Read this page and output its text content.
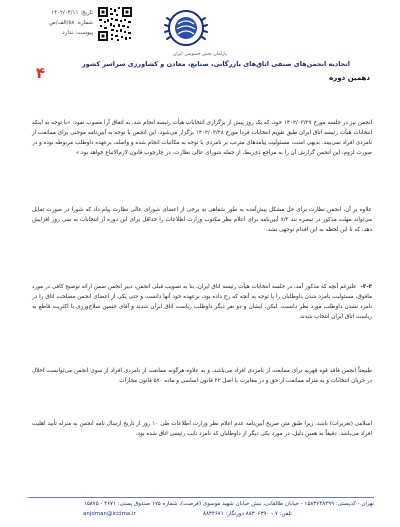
تاریخ: ۱۴۰۲/۰۴/۱۱
شماره: ۸۸/الف/ص
پیوست: ندارد
پارلمان بخش خصوصی ایران
اتحادیه انجمن‌های صنفی اتاق‌های بازرگانی، صنایع، معادن و کشاورزی سراسر کشور
۴	دهمین دوره
انجمن نیز در جلسه مورخ ۱۴۰۲/۰۳/۲۷ خود، که یک روز پیش از برگزاری انتخابات هیأت رئیسه انجام شد، به اتفاق آرا مصوب نمود: «با توجه به اینکه انتخابات هیأت رئیسه اتاق ایران طبق تقویم انتخابات فردا مورخ ۱۴۰۲/۰۳/۲۸ برگزار می‌شود، این انجمن با توجه به آیین‌نامه موجبی برای ممانعت از نامزدی افراد نمی‌بیند. بدیهی است، مسئولیت پیامدهای مترتب بر نامزدی با توجه به مکاتبات انجام شده و واصله، برعهده داوطلب مربوطه بوده و در صورت لزوم، این انجمن گزارش آن را به مراجع ذی‌ربط، از جمله شورای عالی نظارت، در چارچوب قانون لازم‌الاتباع خواهد بود.»
علاوه بر آن، انجمن نظارت برای حل مشکل پیش‌آمده به طور شفاهی به برخی از اعضای شورای عالی نظارت پیام داد که شورا در صورت تمایل می‌تواند مهلت مذکور در تبصره بند ۷/۲ آیین‌نامه برای اعلام نظر مکتوب وزارت اطلاعات را حداقل برای این دوره از انتخابات به سی روز افزایش دهد، که تا این لحظه به این اقدام توجهی نشد.
۲-۳-علیرغم آنچه که مذکور آمد، در جلسه انتخابات هیأت رئیسه اتاق ایران، بنا به تصویب قبلی انجمن، دبیر انجمن ضمن ارائه توضیح کافی در مورد مافوق، مسئولیت نامزد شدن داوطلبان را با توجه به آنچه که رخ داده بود، برعهده خود آنها دانست و حتی یکی از اعضای انجمن مصلحت اتاق را در نامزد نشدن داوطلب مورد نظر دانست. لیکن، ایشان و دو نفر دیگر داوطلب ریاست اتاق ایران شدند و آقای حسین سلاح‌ورزی با اکثریت قاطع به ریاست اتاق ایران انتخاب شدند.
طبیعتاً انجمن فاقد قوه قهریه برای ممانعت از نامزدی افراد می‌باشد، و به علاوه هرگونه ممانعت از نامزدی افراد از سوی انجمن می‌توانست اخلال در جریان انتخابات و به منزله ممانعت از حق و در مغایرت با اصل ۲۲ قانون اساسی و ماده ۵۷۰ قانون مجازات
اسلامی (تعزیرات) باشد، زیرا طبق متن صریح آیین‌نامه عدم اعلام نظر وزارت اطلاعات طی ۱۰ روز از تاریخ ارسال نامه انجمن به منزله تأیید اهلیت افراد می‌باشد. دقیقاً به همین دلیل، در مورد یکی دیگر از داوطلبان که نامزد نایب رئیسی اتاق شده بود،
تهران - کدپستی: ۱۵۸۳۶۳۸۴۹۹ - خیابان طالقانی، نبش خیابان شهید موسوی (فرصت)، شماره ۱۷۵ صندوق پستی: ۴۶۷۱ - ۱۵۸۷۵
anjoman@iccima.ir	تلفن: ۷ - ۸۸۳۰۶۳۹۰ دورنگار: ۸۸۳۴۶۷۱
